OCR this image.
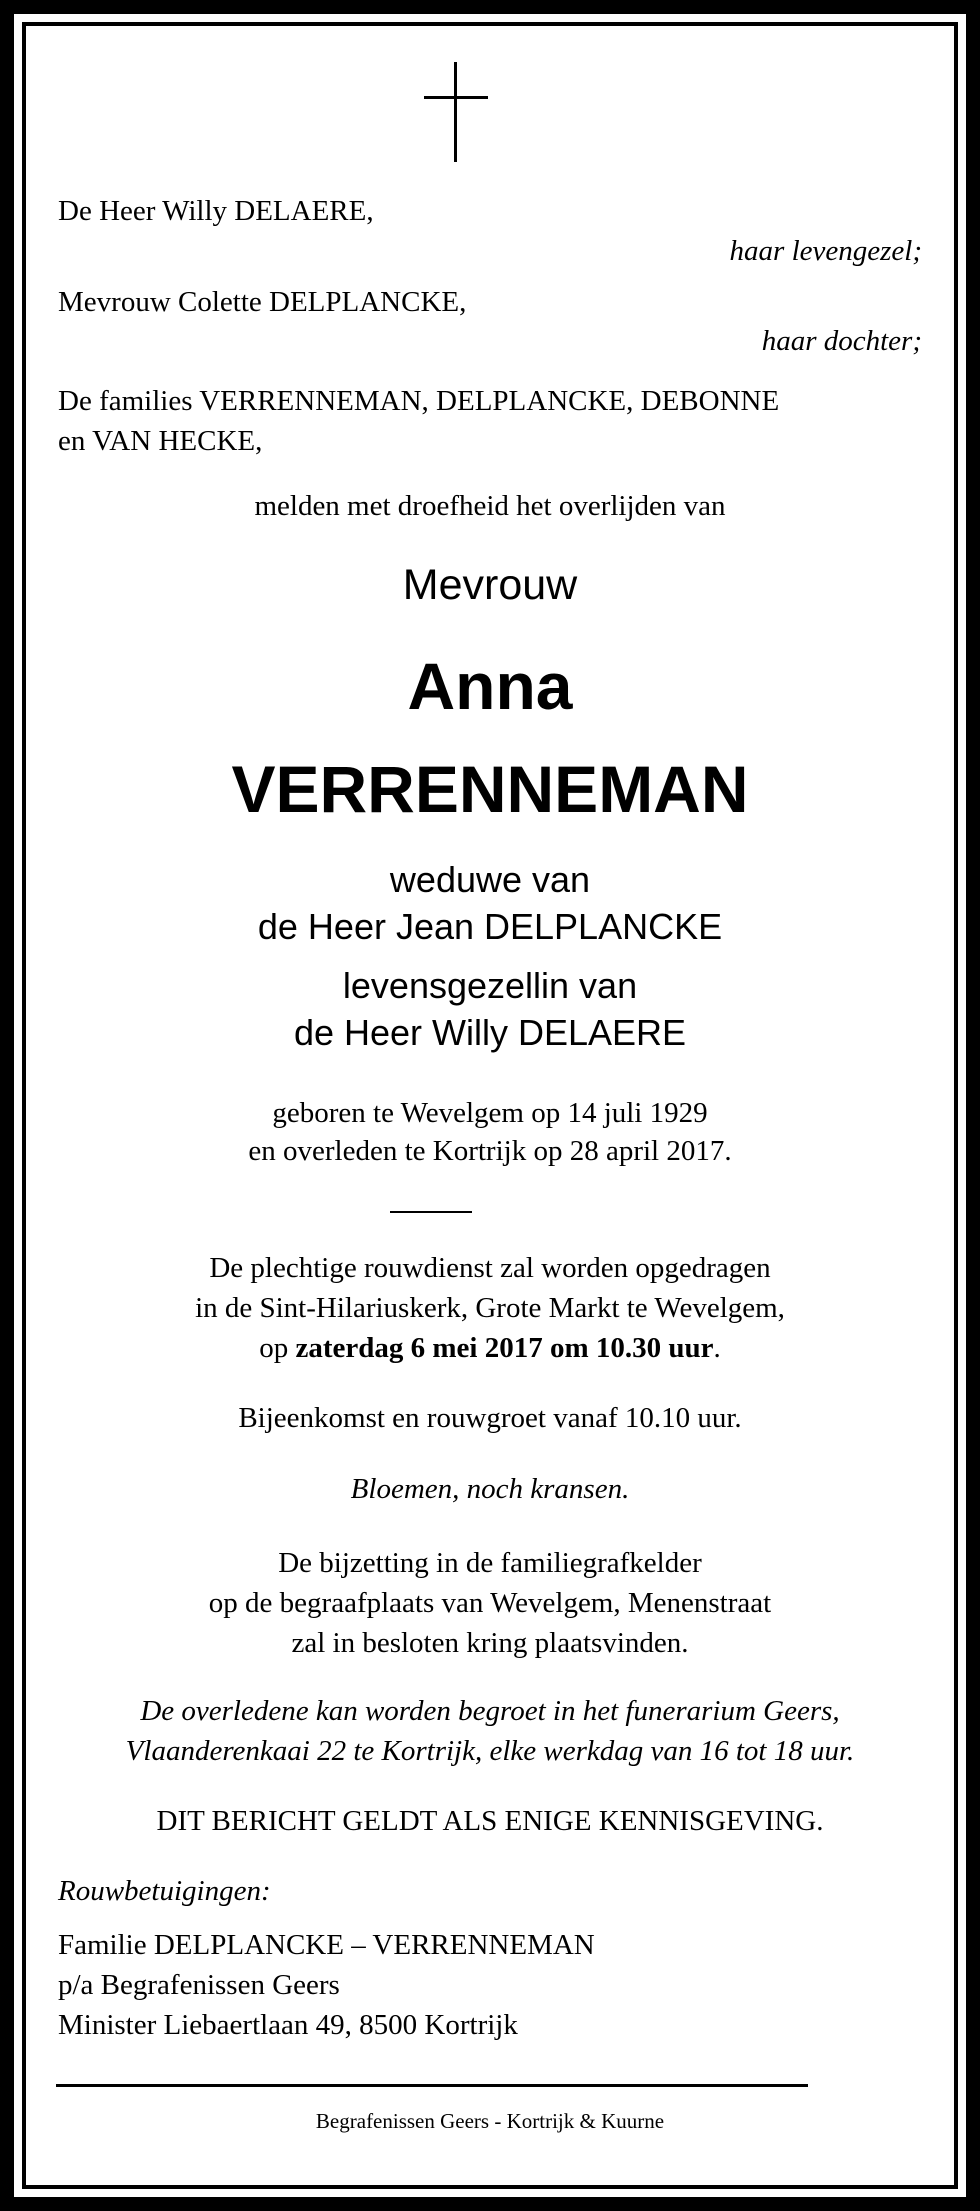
De Heer Willy DELAERE,
haar levengezel;
Mevrouw Colette DELPLANCKE,
haar dochter;
De families VERRENNEMAN, DELPLANCKE, DEBONNE
en VAN HECKE,
melden met droefheid het overlijden van
Mevrouw
Anna
VERRENNEMAN
weduwe van
de Heer Jean DELPLANCKE
levensgezellin van
de Heer Willy DELAERE
geboren te Wevelgem op 14 juli 1929
en overleden te Kortrijk op 28 april 2017.
De plechtige rouwdienst zal worden opgedragen
in de Sint-Hilariuskerk, Grote Markt te Wevelgem,
op zaterdag 6 mei 2017 om 10.30 uur.
Bijeenkomst en rouwgroet vanaf 10.10 uur.
Bloemen, noch kransen.
De bijzetting in de familiegrafkelder
op de begraafplaats van Wevelgem, Menenstraat
zal in besloten kring plaatsvinden.
De overledene kan worden begroet in het funerarium Geers,
Vlaanderenkaai 22 te Kortrijk, elke werkdag van 16 tot 18 uur.
DIT BERICHT GELDT ALS ENIGE KENNISGEVING.
Rouwbetuigingen:
Familie DELPLANCKE – VERRENNEMAN
p/a Begrafenissen Geers
Minister Liebaertlaan 49, 8500 Kortrijk
Begrafenissen Geers - Kortrijk & Kuurne
